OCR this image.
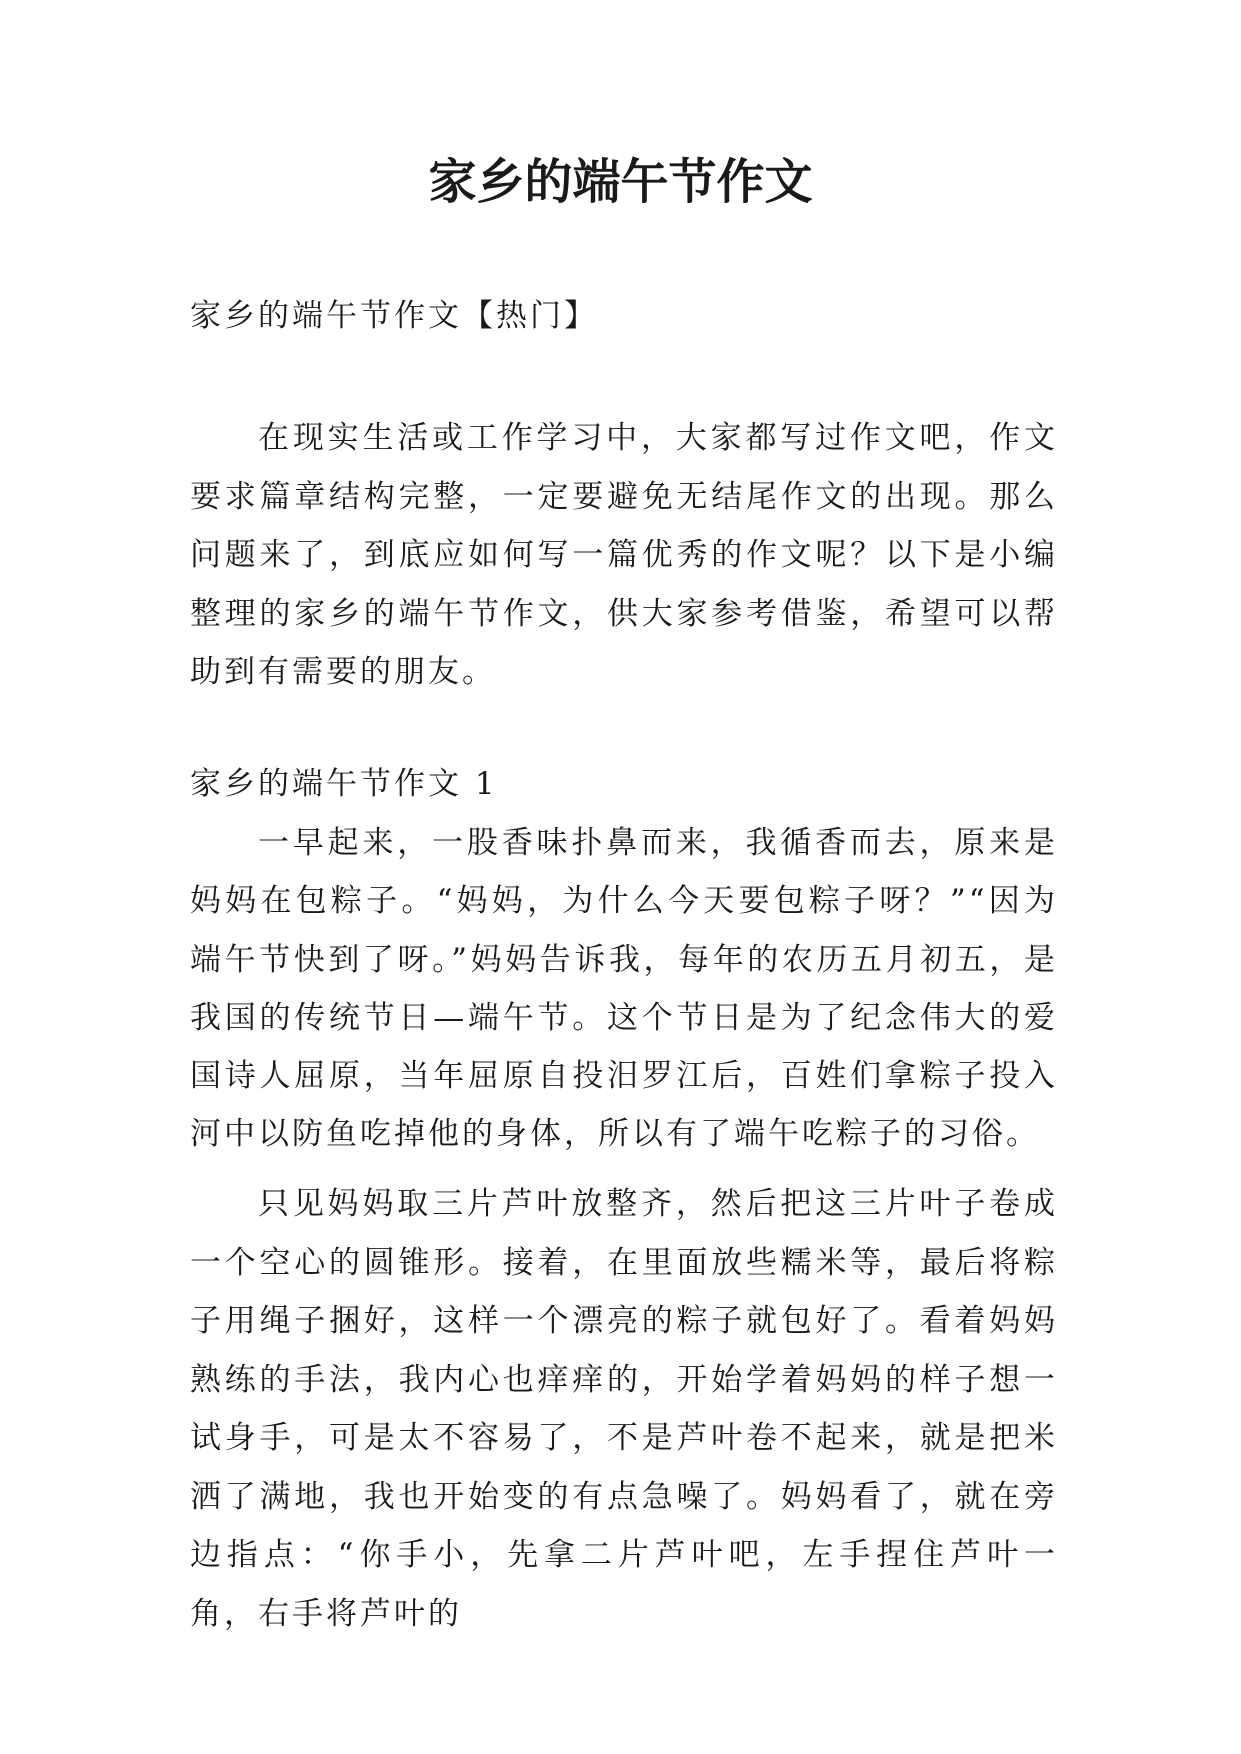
家乡的端午节作文

家乡的端午节作文【热门】

在现实生活或工作学习中，大家都写过作文吧，作文要求篇章结构完整，一定要避免无结尾作文的出现。那么问题来了，到底应如何写一篇优秀的作文呢？以下是小编整理的家乡的端午节作文，供大家参考借鉴，希望可以帮助到有需要的朋友。

家乡的端午节作文 1

一早起来，一股香味扑鼻而来，我循香而去，原来是妈妈在包粽子。“妈妈，为什么今天要包粽子呀？”“因为端午节快到了呀。”妈妈告诉我，每年的农历五月初五，是我国的传统节日—端午节。这个节日是为了纪念伟大的爱国诗人屈原，当年屈原自投汨罗江后，百姓们拿粽子投入河中以防鱼吃掉他的身体，所以有了端午吃粽子的习俗。

只见妈妈取三片芦叶放整齐，然后把这三片叶子卷成一个空心的圆锥形。接着，在里面放些糯米等，最后将粽子用绳子捆好，这样一个漂亮的粽子就包好了。看着妈妈熟练的手法，我内心也痒痒的，开始学着妈妈的样子想一试身手，可是太不容易了，不是芦叶卷不起来，就是把米洒了满地，我也开始变的有点急噪了。妈妈看了，就在旁边指点：“你手小，先拿二片芦叶吧，左手捏住芦叶一角，右手将芦叶的
